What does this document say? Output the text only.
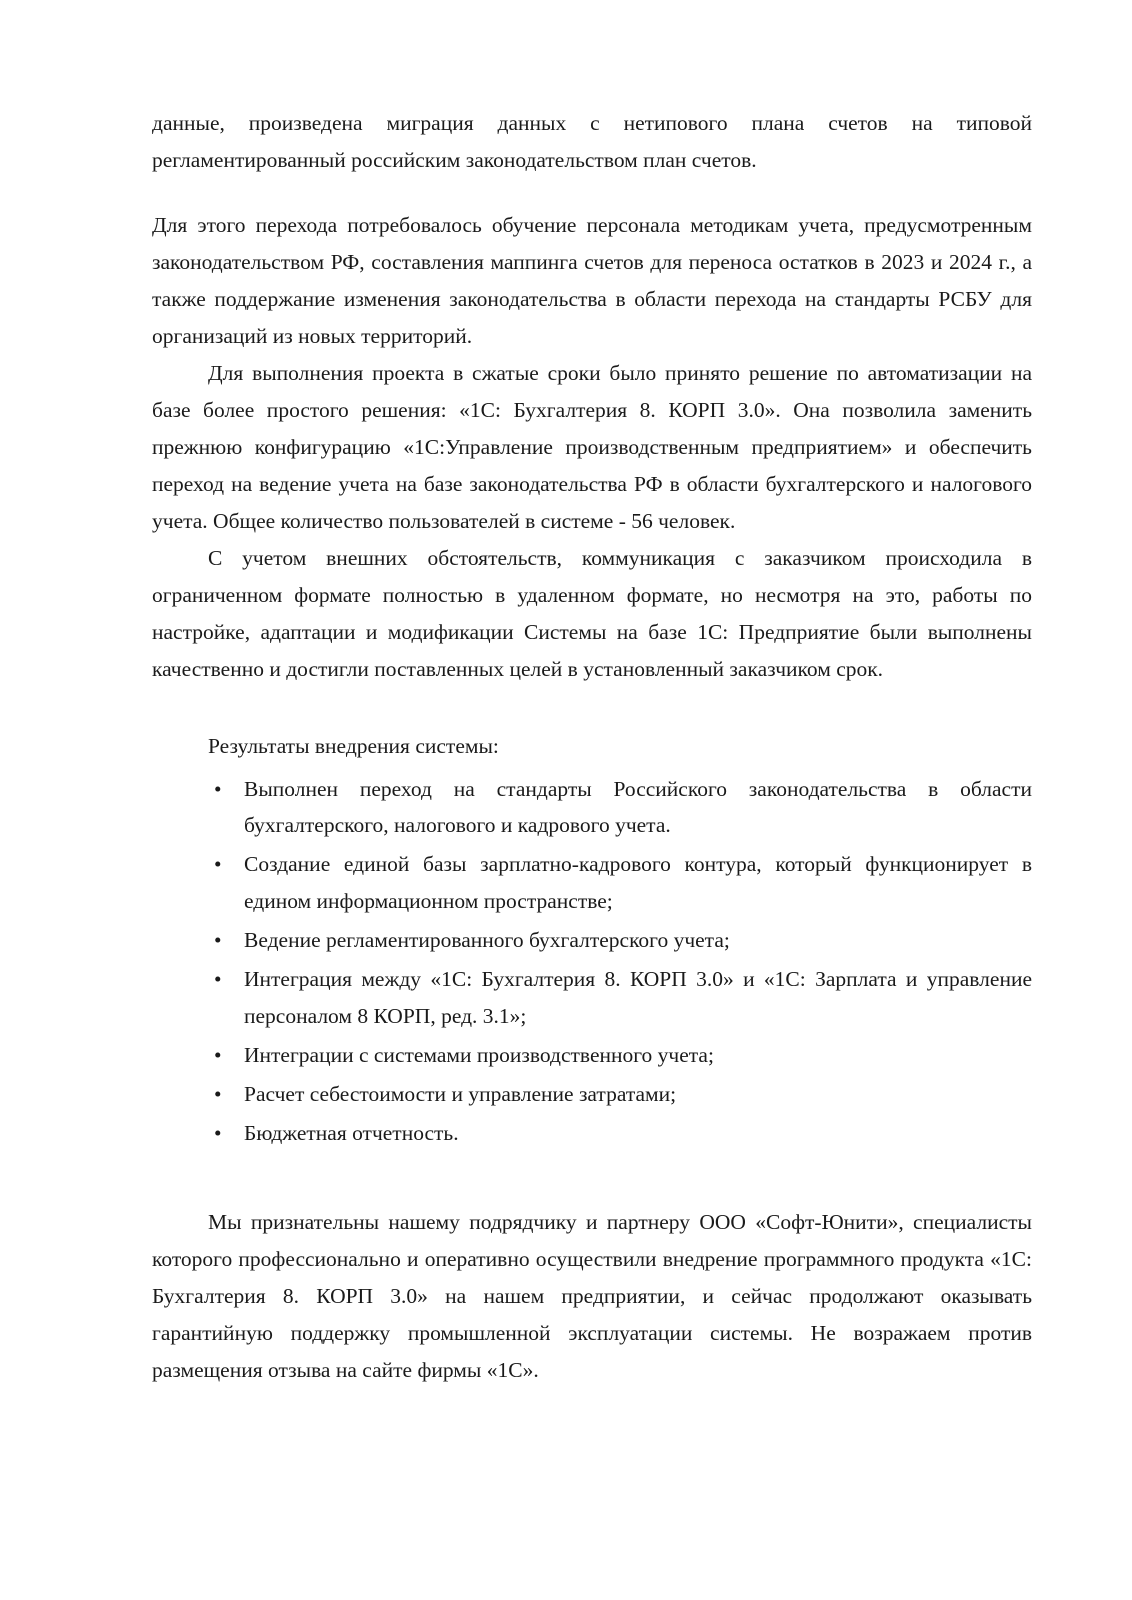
данные, произведена миграция данных с нетипового плана счетов на типовой регламентированный российским законодательством план счетов.

Для этого перехода потребовалось обучение персонала методикам учета, предусмотренным законодательством РФ, составления маппинга счетов для переноса остатков в 2023 и 2024 г., а также поддержание изменения законодательства в области перехода на стандарты РСБУ для организаций из новых территорий.

Для выполнения проекта в сжатые сроки было принято решение по автоматизации на базе более простого решения: «1С: Бухгалтерия 8. КОРП 3.0». Она позволила заменить прежнюю конфигурацию «1С:Управление производственным предприятием» и обеспечить переход на ведение учета на базе законодательства РФ в области бухгалтерского и налогового учета. Общее количество пользователей в системе - 56 человек.

С учетом внешних обстоятельств, коммуникация с заказчиком происходила в ограниченном формате полностью в удаленном формате, но несмотря на это, работы по настройке, адаптации и модификации Системы на базе 1С: Предприятие были выполнены качественно и достигли поставленных целей в установленный заказчиком срок.

Результаты внедрения системы:

• Выполнен переход на стандарты Российского законодательства в области бухгалтерского, налогового и кадрового учета.
• Создание единой базы зарплатно-кадрового контура, который функционирует в едином информационном пространстве;
• Ведение регламентированного бухгалтерского учета;
• Интеграция между «1С: Бухгалтерия 8. КОРП 3.0» и «1С: Зарплата и управление персоналом 8 КОРП, ред. 3.1»;
• Интеграции с системами производственного учета;
• Расчет себестоимости и управление затратами;
• Бюджетная отчетность.

Мы признательны нашему подрядчику и партнеру ООО «Софт-Юнити», специалисты которого профессионально и оперативно осуществили внедрение программного продукта «1С: Бухгалтерия 8. КОРП 3.0» на нашем предприятии, и сейчас продолжают оказывать гарантийную поддержку промышленной эксплуатации системы. Не возражаем против размещения отзыва на сайте фирмы «1С».
